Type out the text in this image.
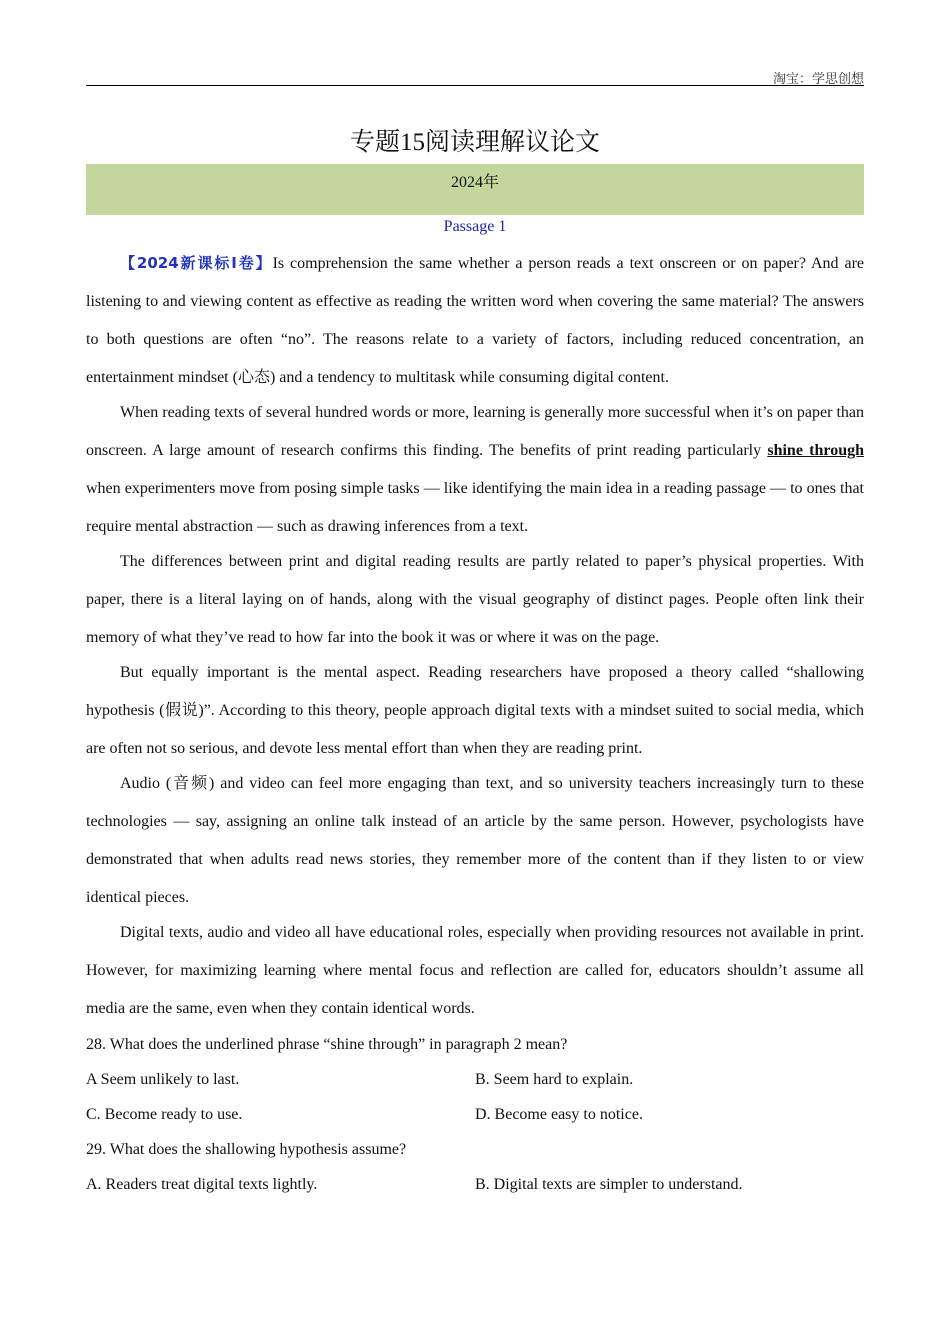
淘宝：学思创想
专题15阅读理解议论文
2024年
Passage 1

【2024新课标Ⅰ卷】Is comprehension the same whether a person reads a text onscreen or on paper? And are listening to and viewing content as effective as reading the written word when covering the same material? The answers to both questions are often “no”. The reasons relate to a variety of factors, including reduced concentration, an entertainment mindset (心态) and a tendency to multitask while consuming digital content.

When reading texts of several hundred words or more, learning is generally more successful when it’s on paper than onscreen. A large amount of research confirms this finding. The benefits of print reading particularly shine through when experimenters move from posing simple tasks — like identifying the main idea in a reading passage — to ones that require mental abstraction — such as drawing inferences from a text.

The differences between print and digital reading results are partly related to paper’s physical properties. With paper, there is a literal laying on of hands, along with the visual geography of distinct pages. People often link their memory of what they’ve read to how far into the book it was or where it was on the page.

But equally important is the mental aspect. Reading researchers have proposed a theory called “shallowing hypothesis (假说)”. According to this theory, people approach digital texts with a mindset suited to social media, which are often not so serious, and devote less mental effort than when they are reading print.

Audio (音频) and video can feel more engaging than text, and so university teachers increasingly turn to these technologies — say, assigning an online talk instead of an article by the same person. However, psychologists have demonstrated that when adults read news stories, they remember more of the content than if they listen to or view identical pieces.

Digital texts, audio and video all have educational roles, especially when providing resources not available in print. However, for maximizing learning where mental focus and reflection are called for, educators shouldn’t assume all media are the same, even when they contain identical words.

28. What does the underlined phrase “shine through” in paragraph 2 mean?
A Seem unlikely to last.	B. Seem hard to explain.
C. Become ready to use.	D. Become easy to notice.
29. What does the shallowing hypothesis assume?
A. Readers treat digital texts lightly.	B. Digital texts are simpler to understand.
